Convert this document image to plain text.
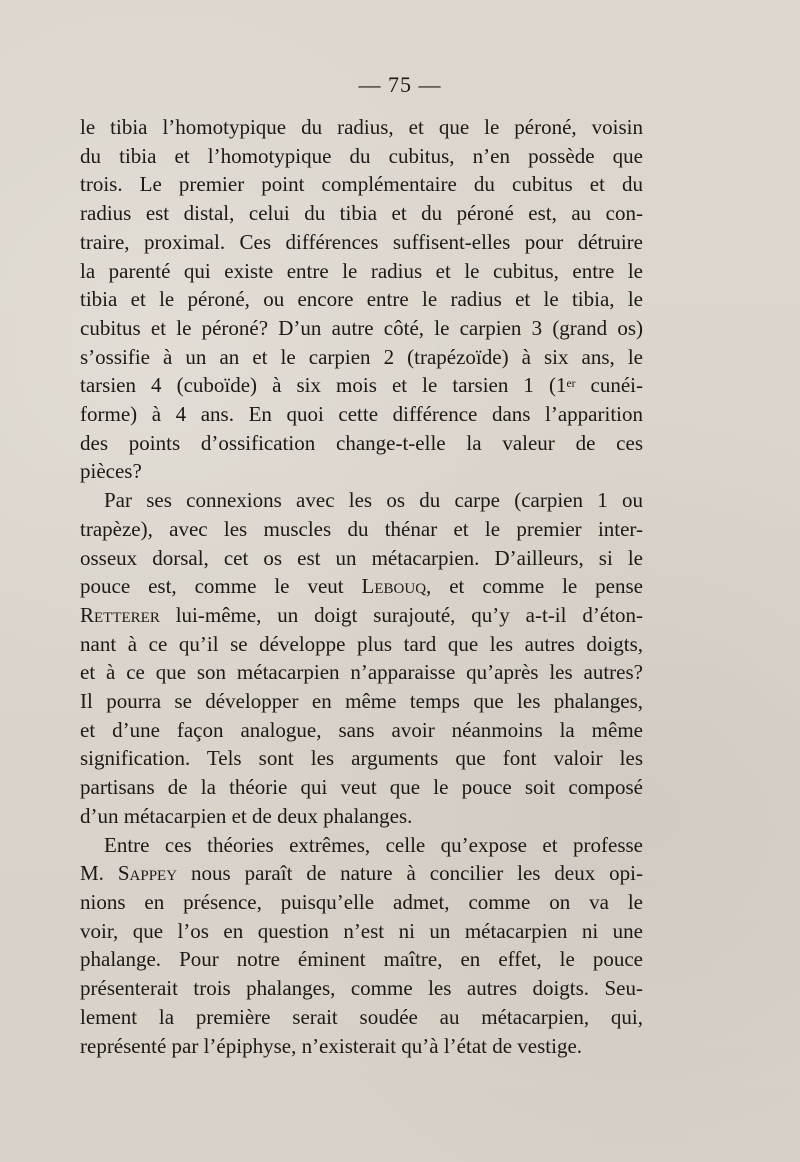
— 75 —
le tibia l’homotypique du radius, et que le péroné, voisin
du tibia et l’homotypique du cubitus, n’en possède que
trois. Le premier point complémentaire du cubitus et du
radius est distal, celui du tibia et du péroné est, au con-
traire, proximal. Ces différences suffisent-elles pour détruire
la parenté qui existe entre le radius et le cubitus, entre le
tibia et le péroné, ou encore entre le radius et le tibia, le
cubitus et le péroné? D’un autre côté, le carpien 3 (grand os)
s’ossifie à un an et le carpien 2 (trapézoïde) à six ans, le
tarsien 4 (cuboïde) à six mois et le tarsien 1 (1er cunéi-
forme) à 4 ans. En quoi cette différence dans l’apparition
des points d’ossification change-t-elle la valeur de ces
pièces?
Par ses connexions avec les os du carpe (carpien 1 ou
trapèze), avec les muscles du thénar et le premier inter-
osseux dorsal, cet os est un métacarpien. D’ailleurs, si le
pouce est, comme le veut Lebouq, et comme le pense
Retterer lui-même, un doigt surajouté, qu’y a-t-il d’éton-
nant à ce qu’il se développe plus tard que les autres doigts,
et à ce que son métacarpien n’apparaisse qu’après les autres?
Il pourra se développer en même temps que les phalanges,
et d’une façon analogue, sans avoir néanmoins la même
signification. Tels sont les arguments que font valoir les
partisans de la théorie qui veut que le pouce soit composé
d’un métacarpien et de deux phalanges.
Entre ces théories extrêmes, celle qu’expose et professe
M. Sappey nous paraît de nature à concilier les deux opi-
nions en présence, puisqu’elle admet, comme on va le
voir, que l’os en question n’est ni un métacarpien ni une
phalange. Pour notre éminent maître, en effet, le pouce
présenterait trois phalanges, comme les autres doigts. Seu-
lement la première serait soudée au métacarpien, qui,
représenté par l’épiphyse, n’existerait qu’à l’état de vestige.
